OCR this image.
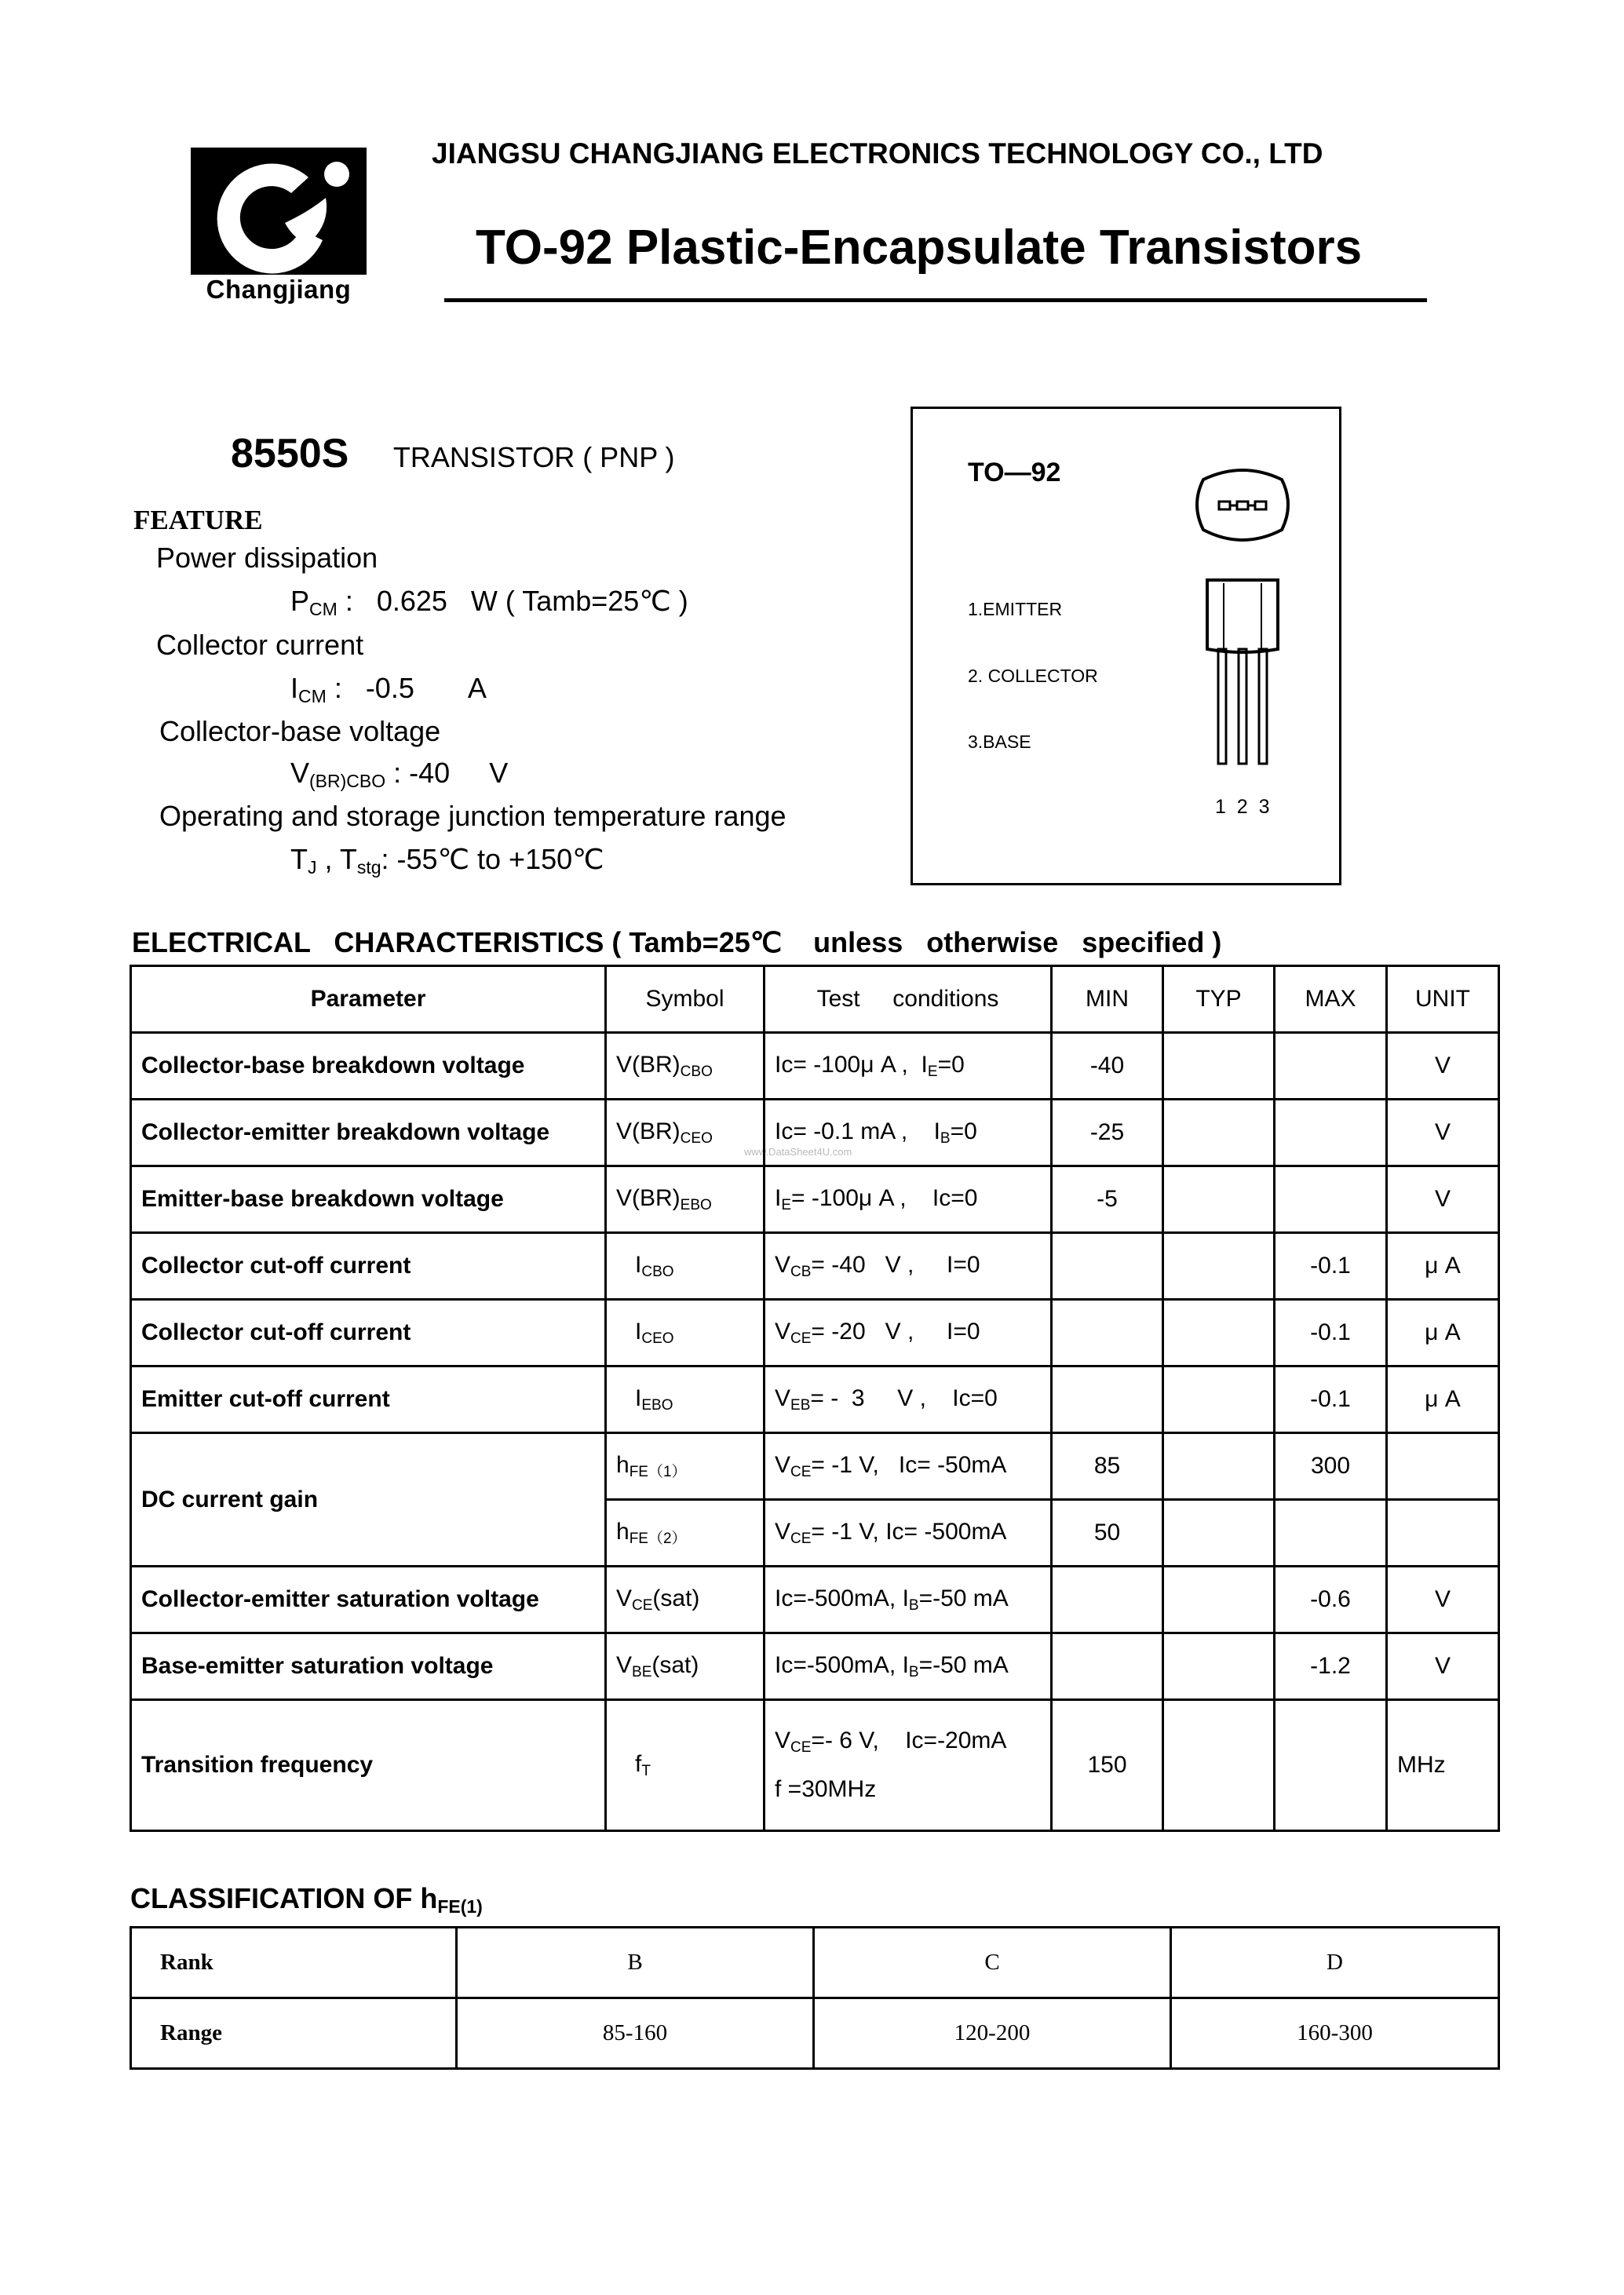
Changjiang
JIANGSU CHANGJIANG ELECTRONICS TECHNOLOGY CO., LTD
TO-92 Plastic-Encapsulate Transistors
8550S TRANSISTOR ( PNP )
FEATURE
Power dissipation
$P_{CM}$ :   0.625   W ( Tamb=25℃ )
Collector current
$I_{CM}$ :   -0.5       A
Collector-base voltage
$V_{(BR)CBO}$ : -40     V
Operating and storage junction temperature range
$T_J$ , $T_{stg}$: -55℃ to +150℃
TO—92
1.EMITTER
2. COLLECTOR
3.BASE
1  2  3
ELECTRICAL   CHARACTERISTICS ( Tamb=25℃    unless   otherwise   specified )
www.DataSheet4U.com
Parameter	Symbol	Test     conditions	MIN	TYP	MAX	UNIT
Collector-base breakdown voltage	$V(BR)_{CBO}$	Ic= -100μ A ,  $I_E=0$	-40			V
Collector-emitter breakdown voltage	$V(BR)_{CEO}$	Ic= -0.1 mA ,    $I_B=0$	-25			V
Emitter-base breakdown voltage	$V(BR)_{EBO}$	$I_E= -100\mu$ A ,    Ic=0	-5			V
Collector cut-off current	$I_{CBO}$	$V_{CB}= -40$   V ,     I=0			-0.1	μ A
Collector cut-off current	$I_{CEO}$	$V_{CE}= -20$   V ,     I=0			-0.1	μ A
Emitter cut-off current	$I_{EBO}$	$V_{EB}= - 3$     V ,    Ic=0			-0.1	μ A
DC current gain	$h_{FE(1)}$	$V_{CE}= -1$ V,   Ic= -50mA	85		300	
	$h_{FE(2)}$	$V_{CE}= -1$ V, Ic= -500mA	50			
Collector-emitter saturation voltage	$V_{CE}(sat)$	Ic=-500mA, $I_B=-50$ mA			-0.6	V
Base-emitter saturation voltage	$V_{BE}(sat)$	Ic=-500mA, $I_B=-50$ mA			-1.2	V
Transition frequency	$f_T$	$V_{CE}=-$ 6 V,    Ic=-20mA
f =30MHz	150			MHz
CLASSIFICATION OF $h_{FE(1)}$
Rank	B	C	D
Range	85-160	120-200	160-300
